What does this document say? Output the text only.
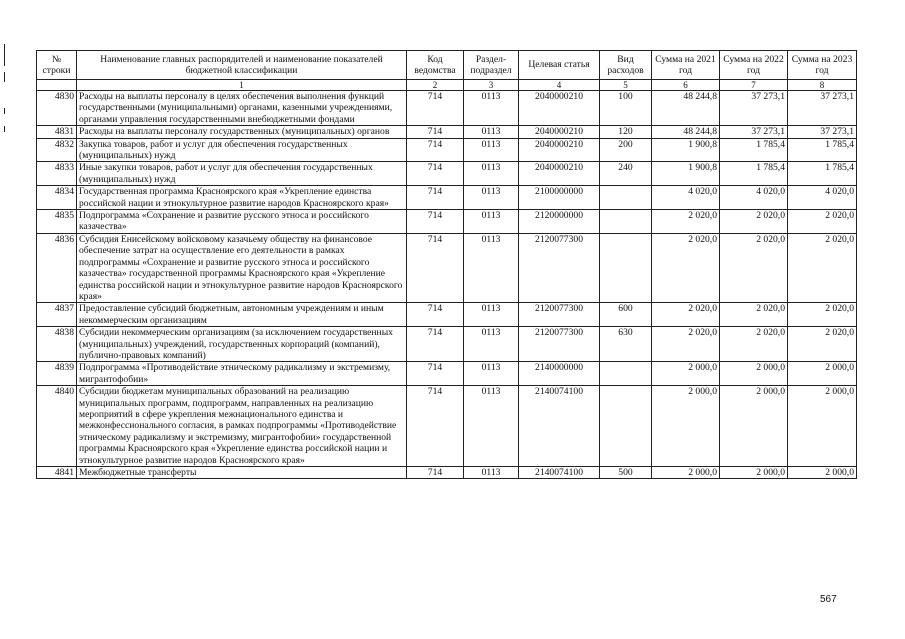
№ строки	Наименование главных распорядителей и наименование показателей бюджетной классификации	Код ведомства	Раздел-подраздел	Целевая статья	Вид расходов	Сумма на 2021 год	Сумма на 2022 год	Сумма на 2023 год
	1	2	3	4	5	6	7	8
4830	Расходы на выплаты персоналу в целях обеспечения выполнения функций государственными (муниципальными) органами, казенными учреждениями, органами управления государственными внебюджетными фондами	714	0113	2040000210	100	48 244,8	37 273,1	37 273,1
4831	Расходы на выплаты персоналу государственных (муниципальных) органов	714	0113	2040000210	120	48 244,8	37 273,1	37 273,1
4832	Закупка товаров, работ и услуг для обеспечения государственных (муниципальных) нужд	714	0113	2040000210	200	1 900,8	1 785,4	1 785,4
4833	Иные закупки товаров, работ и услуг для обеспечения государственных (муниципальных) нужд	714	0113	2040000210	240	1 900,8	1 785,4	1 785,4
4834	Государственная программа Красноярского края «Укрепление единства российской нации и этнокультурное развитие народов Красноярского края»	714	0113	2100000000		4 020,0	4 020,0	4 020,0
4835	Подпрограмма «Сохранение и развитие русского этноса и российского казачества»	714	0113	2120000000		2 020,0	2 020,0	2 020,0
4836	Субсидия Енисейскому войсковому казачьему обществу на финансовое обеспечение затрат на осуществление его деятельности в рамках подпрограммы «Сохранение и развитие русского этноса и российского казачества» государственной программы Красноярского края «Укрепление единства российской нации и этнокультурное развитие народов Красноярского края»	714	0113	2120077300		2 020,0	2 020,0	2 020,0
4837	Предоставление субсидий бюджетным, автономным учреждениям и иным некоммерческим организациям	714	0113	2120077300	600	2 020,0	2 020,0	2 020,0
4838	Субсидии некоммерческим организациям (за исключением государственных (муниципальных) учреждений, государственных корпораций (компаний), публично-правовых компаний)	714	0113	2120077300	630	2 020,0	2 020,0	2 020,0
4839	Подпрограмма «Противодействие этническому радикализму и экстремизму, мигрантофобии»	714	0113	2140000000		2 000,0	2 000,0	2 000,0
4840	Субсидии бюджетам муниципальных образований на реализацию муниципальных программ, подпрограмм, направленных на реализацию мероприятий в сфере укрепления межнационального единства и межконфессионального согласия, в рамках подпрограммы «Противодействие этническому радикализму и экстремизму, мигрантофобии» государственной программы Красноярского края «Укрепление единства российской нации и этнокультурное развитие народов Красноярского края»	714	0113	2140074100		2 000,0	2 000,0	2 000,0
4841	Межбюджетные трансферты	714	0113	2140074100	500	2 000,0	2 000,0	2 000,0
567
